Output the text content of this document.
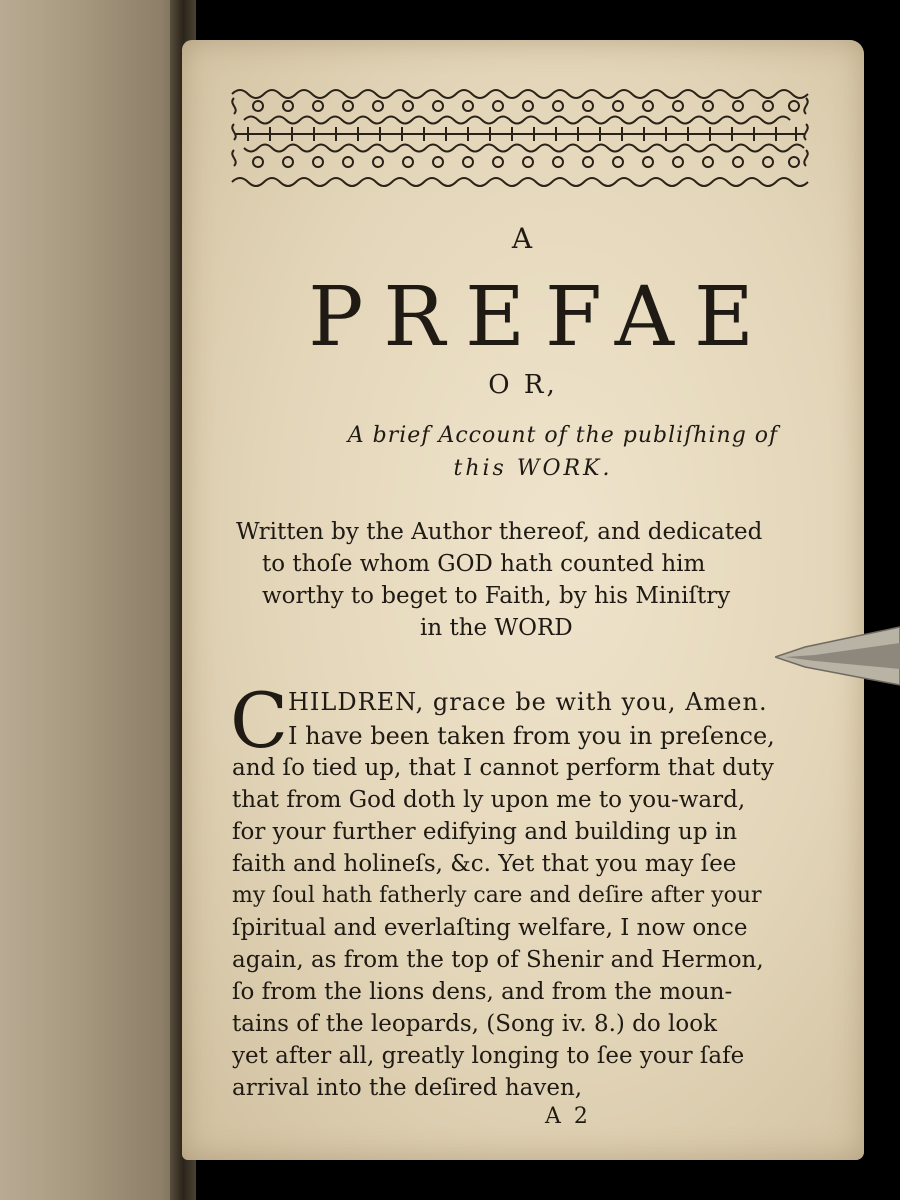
A
PREFAE
O R,
A brief Account of the publiſhing of
this WORK.
Written by the Author thereof, and dedicated
to thoſe whom GOD hath counted him
worthy to beget to Faith, by his Miniſtry
in the WORD
C HILDREN, grace be with you, Amen.
I have been taken from you in preſence,
and ſo tied up, that I cannot perform that duty
that from God doth ly upon me to you-ward,
for your further edifying and building up in
faith and holineſs, &c. Yet that you may ſee
my ſoul hath fatherly care and deſire after your
ſpiritual and everlaſting welfare, I now once
again, as from the top of Shenir and Hermon,
ſo from the lions dens, and from the moun-
tains of the leopards, (Song iv. 8.) do look
yet after all, greatly longing to ſee your ſafe
arrival into the deſired haven,
A 2
